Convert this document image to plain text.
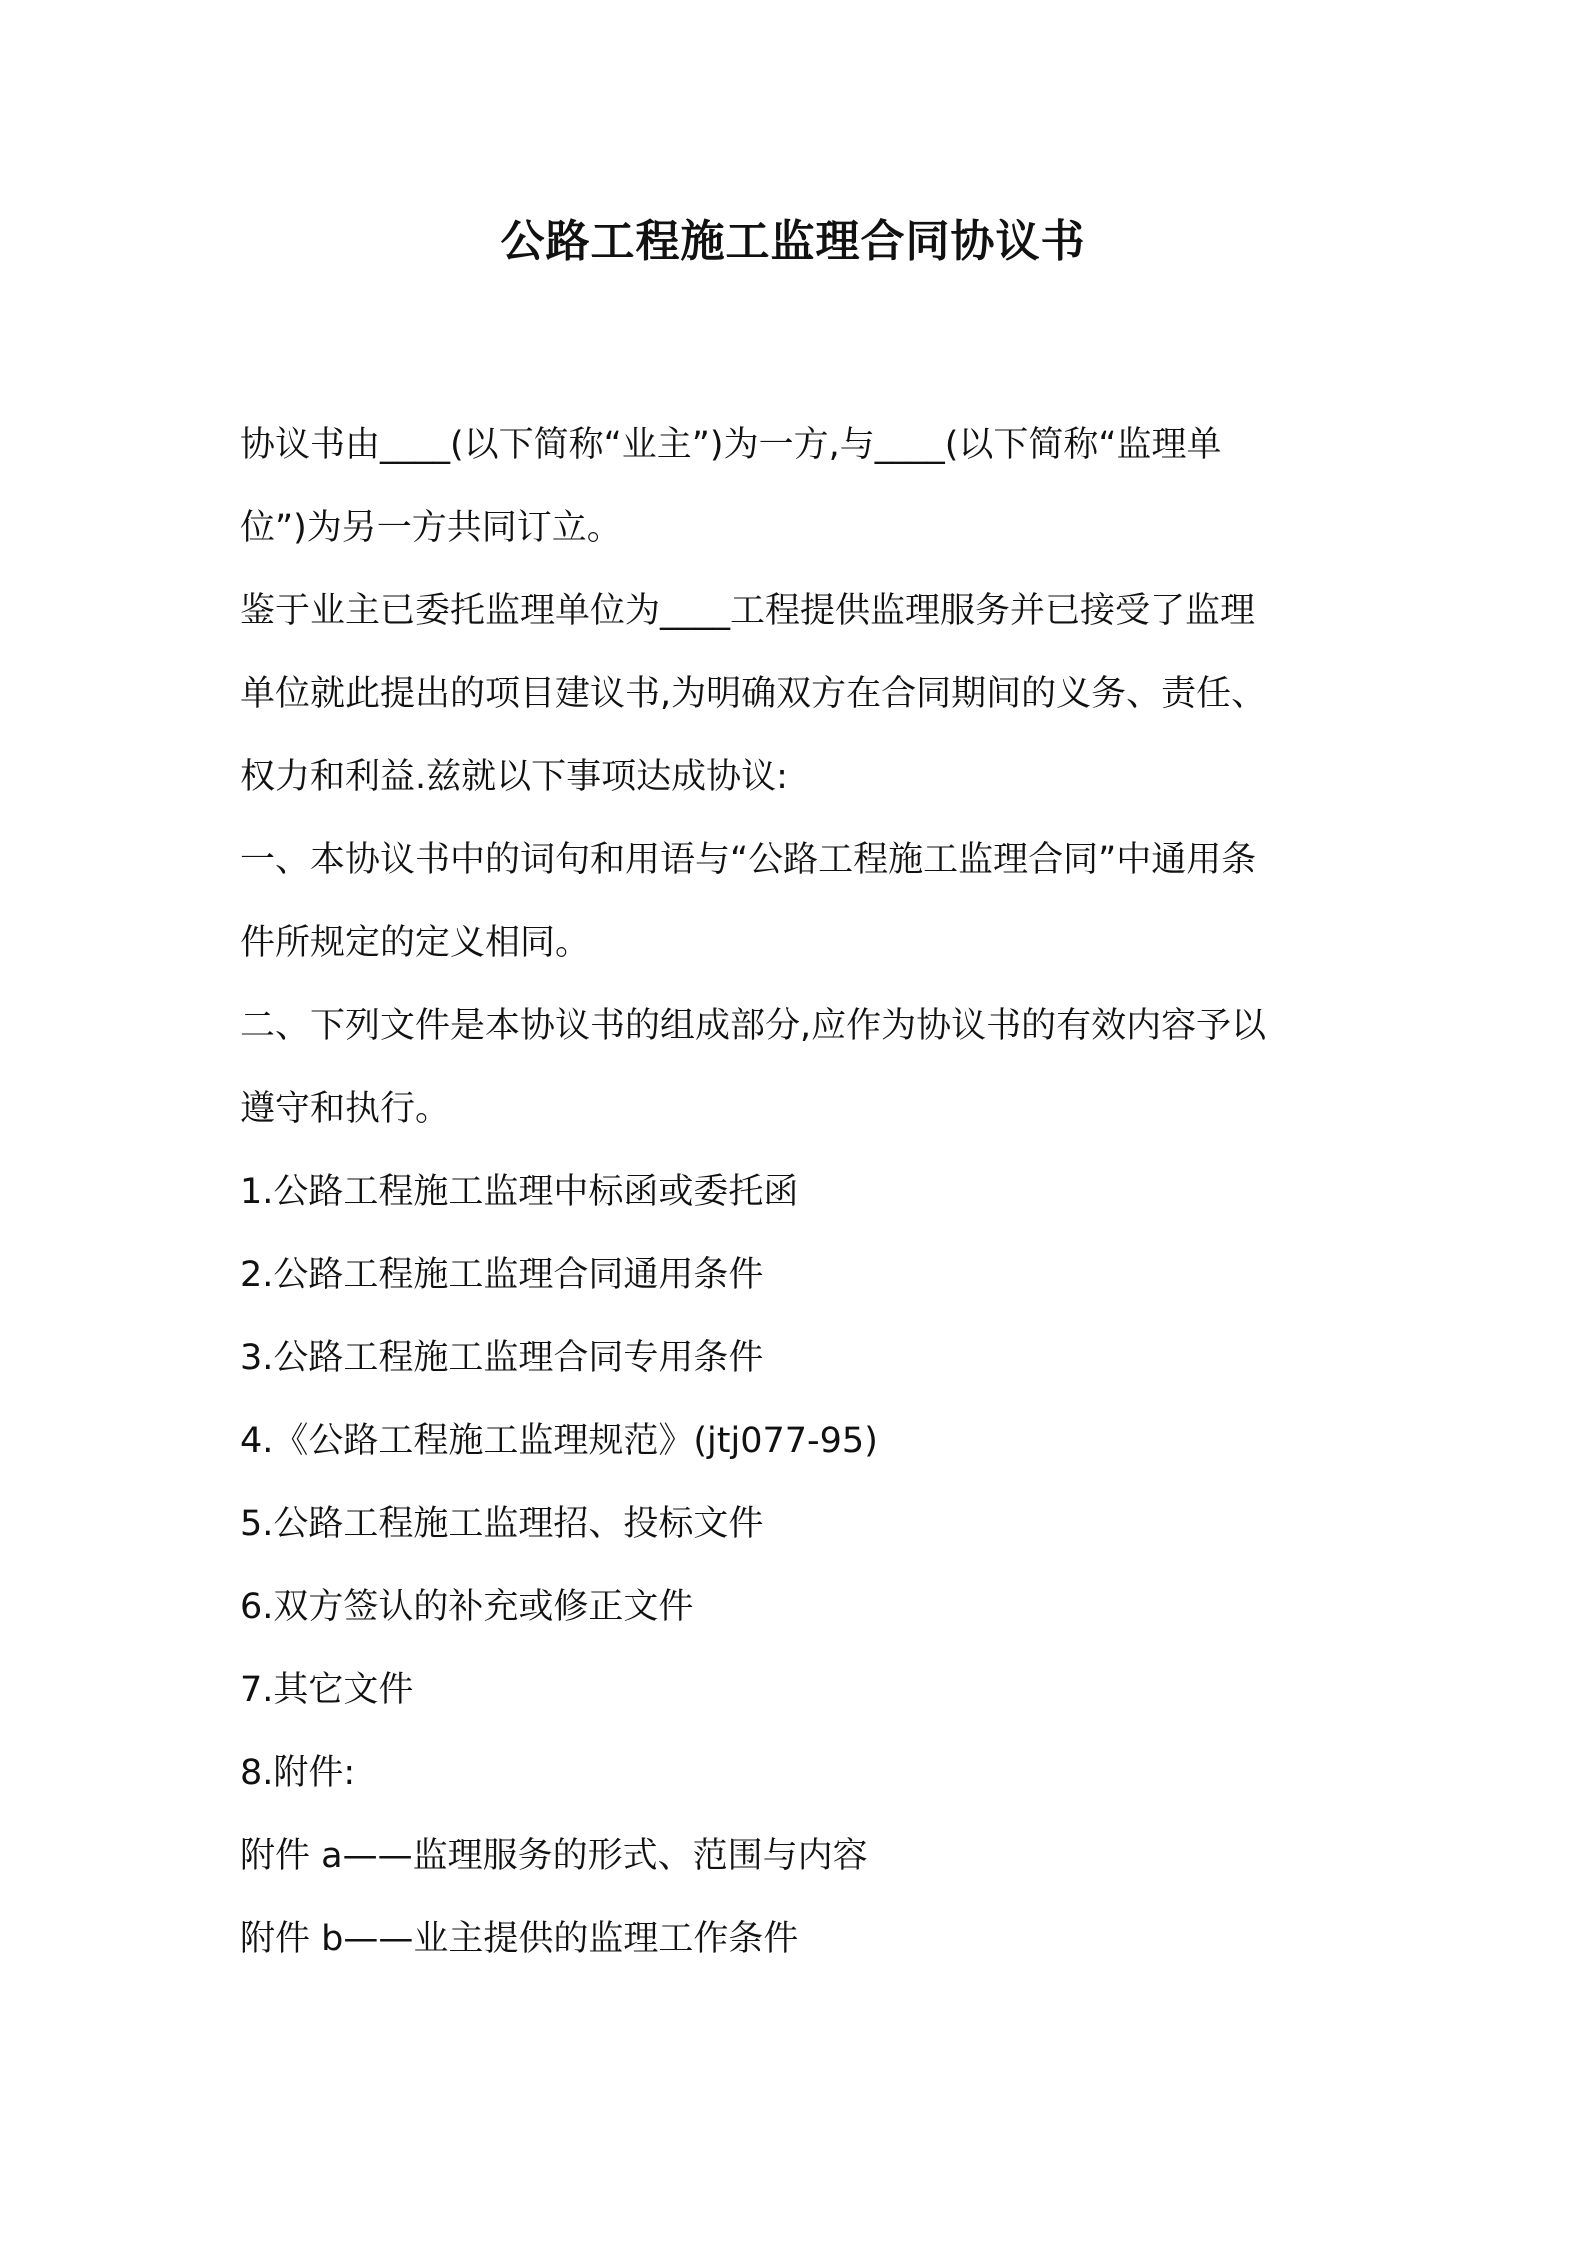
公路工程施工监理合同协议书

协议书由____(以下简称“业主”)为一方,与____(以下简称“监理单

位”)为另一方共同订立。

鉴于业主已委托监理单位为____工程提供监理服务并已接受了监理

单位就此提出的项目建议书,为明确双方在合同期间的义务、责任、

权力和利益.兹就以下事项达成协议:

一、本协议书中的词句和用语与“公路工程施工监理合同”中通用条

件所规定的定义相同。

二、下列文件是本协议书的组成部分,应作为协议书的有效内容予以

遵守和执行。

1.公路工程施工监理中标函或委托函

2.公路工程施工监理合同通用条件

3.公路工程施工监理合同专用条件

4.《公路工程施工监理规范》(jtj077-95)

5.公路工程施工监理招、投标文件

6.双方签认的补充或修正文件

7.其它文件

8.附件:

附件 a——监理服务的形式、范围与内容

附件 b——业主提供的监理工作条件
